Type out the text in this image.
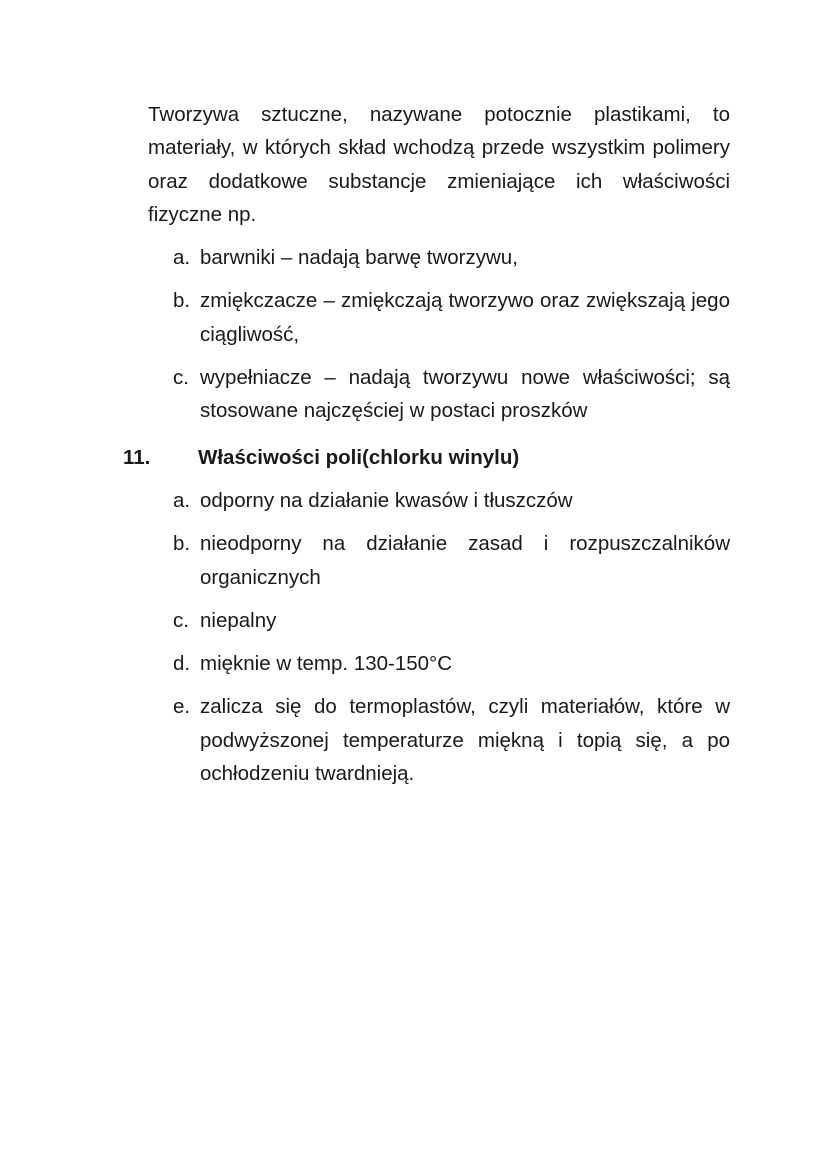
Tworzywa sztuczne, nazywane potocznie plastikami, to materiały, w których skład wchodzą przede wszystkim polimery oraz dodatkowe substancje zmieniające ich właściwości fizyczne np.

a. barwniki – nadają barwę tworzywu,
b. zmiękczacze – zmiękczają tworzywo oraz zwiększają jego ciągliwość,
c. wypełniacze – nadają tworzywu nowe właściwości; są stosowane najczęściej w postaci proszków
11. Właściwości poli(chlorku winylu)
a. odporny na działanie kwasów i tłuszczów
b. nieodporny na działanie zasad i rozpuszczalników organicznych
c. niepalny
d. mięknie w temp. 130-150°C
e. zalicza się do termoplastów, czyli materiałów, które w podwyższonej temperaturze miękną i topią się, a po ochłodzeniu twardnieją.
